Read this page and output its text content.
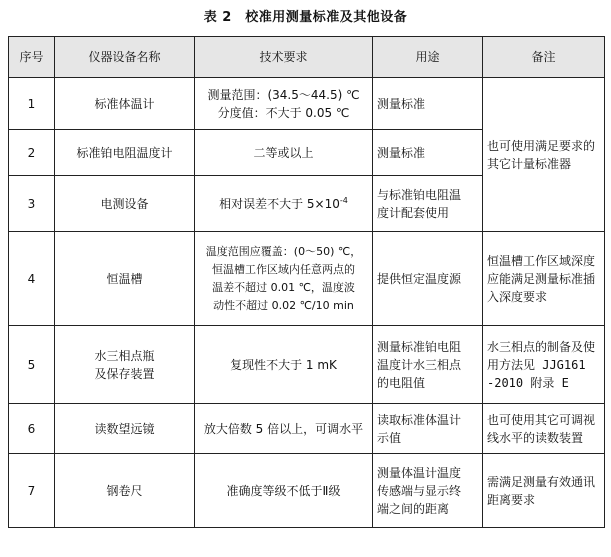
表 2　校准用测量标准及其他设备
序号	仪器设备名称	技术要求	用途	备注
1	标准体温计	测量范围：(34.5～44.5) ℃
分度值：不大于 0.05 ℃	测量标准	也可使用满足要求的
其它计量标准器

2	标准铂电阻温度计	二等或以上	测量标准	

3	电测设备	相对误差不大于 $5\times 10^{-4}$	与标准铂电阻温
度计配套使用	

4	恒温槽	温度范围应覆盖：(0～50) ℃，
恒温槽工作区域内任意两点的
温差不超过 0.01 ℃，温度波
动性不超过 0.02 ℃/10 min	提供恒定温度源	恒温槽工作区域深度
应能满足测量标准插
入深度要求

5	水三相点瓶
及保存装置	复现性不大于 1 mK	测量标准铂电阻
温度计水三相点
的电阻值	水三相点的制备及使
用方法见 JJG161
-2010 附录 E

6	读数望远镜	放大倍数 5 倍以上，可调水平	读取标准体温计
示值	也可使用其它可调视
线水平的读数装置

7	钢卷尺	准确度等级不低于Ⅱ级	测量体温计温度
传感端与显示终
端之间的距离	需满足测量有效通讯
距离要求
